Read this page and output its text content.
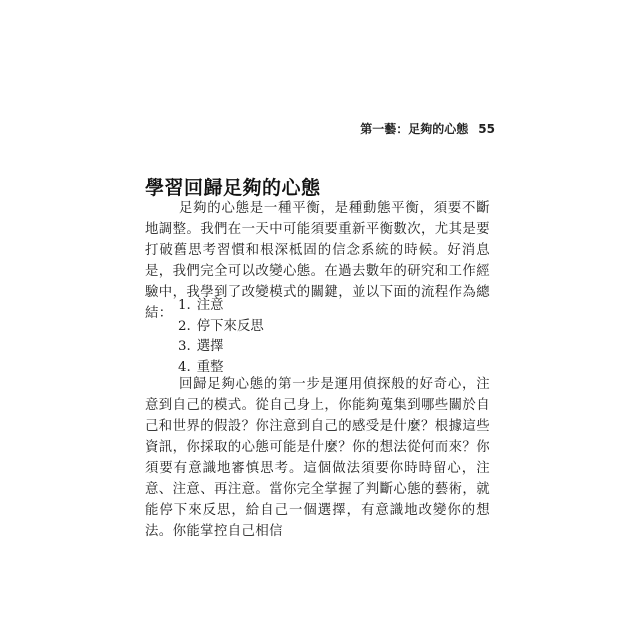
第一藝：足夠的心態 55
學習回歸足夠的心態

足夠的心態是一種平衡，是種動態平衡，須要不斷地調整。我們在一天中可能須要重新平衡數次，尤其是要打破舊思考習慣和根深柢固的信念系統的時候。好消息是，我們完全可以改變心態。在過去數年的研究和工作經驗中，我學到了改變模式的關鍵，並以下面的流程作為總結：

1. 注意
2. 停下來反思
3. 選擇
4. 重整

回歸足夠心態的第一步是運用偵探般的好奇心，注意到自己的模式。從自己身上，你能夠蒐集到哪些關於自己和世界的假設？你注意到自己的感受是什麼？根據這些資訊，你採取的心態可能是什麼？你的想法從何而來？你須要有意識地審慎思考。這個做法須要你時時留心，注意、注意、再注意。當你完全掌握了判斷心態的藝術，就能停下來反思，給自己一個選擇，有意識地改變你的想法。你能掌控自己相信
